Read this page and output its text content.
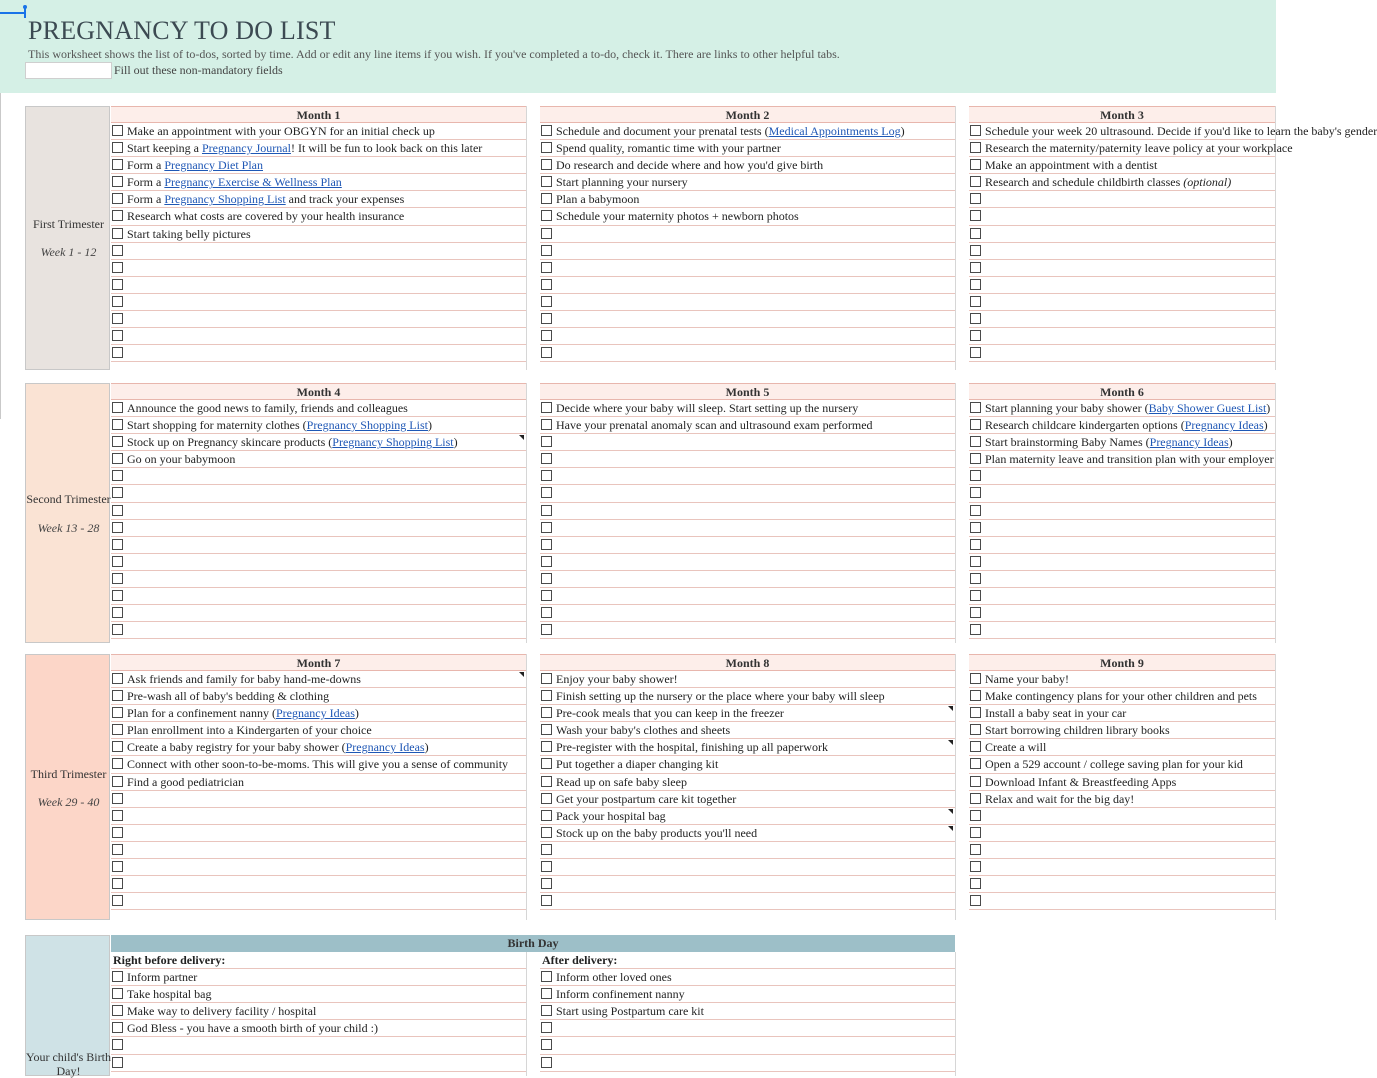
PREGNANCY TO DO LIST
This worksheet shows the list of to-dos, sorted by time. Add or edit any line items if you wish. If you've completed a to-do, check it. There are links to other helpful tabs.
Fill out these non-mandatory fields
First Trimester
Week 1 - 12
Month 1
Make an appointment with your OBGYN for an initial check up
Start keeping a Pregnancy Journal! It will be fun to look back on this later
Form a Pregnancy Diet Plan
Form a Pregnancy Exercise & Wellness Plan
Form a Pregnancy Shopping List and track your expenses
Research what costs are covered by your health insurance
Start taking belly pictures
Month 2
Schedule and document your prenatal tests (Medical Appointments Log)
Spend quality, romantic time with your partner
Do research and decide where and how you'd give birth
Start planning your nursery
Plan a babymoon
Schedule your maternity photos + newborn photos
Month 3
Schedule your week 20 ultrasound. Decide if you'd like to learn the baby's gender
Research the maternity/paternity leave policy at your workplace
Make an appointment with a dentist
Research and schedule childbirth classes (optional)
Second Trimester
Week 13 - 28
Month 4
Announce the good news to family, friends and colleagues
Start shopping for maternity clothes (Pregnancy Shopping List)
Stock up on Pregnancy skincare products (Pregnancy Shopping List)
Go on your babymoon
Month 5
Decide where your baby will sleep. Start setting up the nursery
Have your prenatal anomaly scan and ultrasound exam performed
Month 6
Start planning your baby shower (Baby Shower Guest List)
Research childcare kindergarten options (Pregnancy Ideas)
Start brainstorming Baby Names (Pregnancy Ideas)
Plan maternity leave and transition plan with your employer
Third Trimester
Week 29 - 40
Month 7
Ask friends and family for baby hand-me-downs
Pre-wash all of baby's bedding & clothing
Plan for a confinement nanny (Pregnancy Ideas)
Plan enrollment into a Kindergarten of your choice
Create a baby registry for your baby shower (Pregnancy Ideas)
Connect with other soon-to-be-moms. This will give you a sense of community
Find a good pediatrician
Month 8
Enjoy your baby shower!
Finish setting up the nursery or the place where your baby will sleep
Pre-cook meals that you can keep in the freezer
Wash your baby's clothes and sheets
Pre-register with the hospital, finishing up all paperwork
Put together a diaper changing kit
Read up on safe baby sleep
Get your postpartum care kit together
Pack your hospital bag
Stock up on the baby products you'll need
Month 9
Name your baby!
Make contingency plans for your other children and pets
Install a baby seat in your car
Start borrowing children library books
Create a will
Open a 529 account / college saving plan for your kid
Download Infant & Breastfeeding Apps
Relax and wait for the big day!
Your child's Birth Day!
Birth Day
Right before delivery:
Inform partner
Take hospital bag
Make way to delivery facility / hospital
God Bless - you have a smooth birth of your child :)
After delivery:
Inform other loved ones
Inform confinement nanny
Start using Postpartum care kit
